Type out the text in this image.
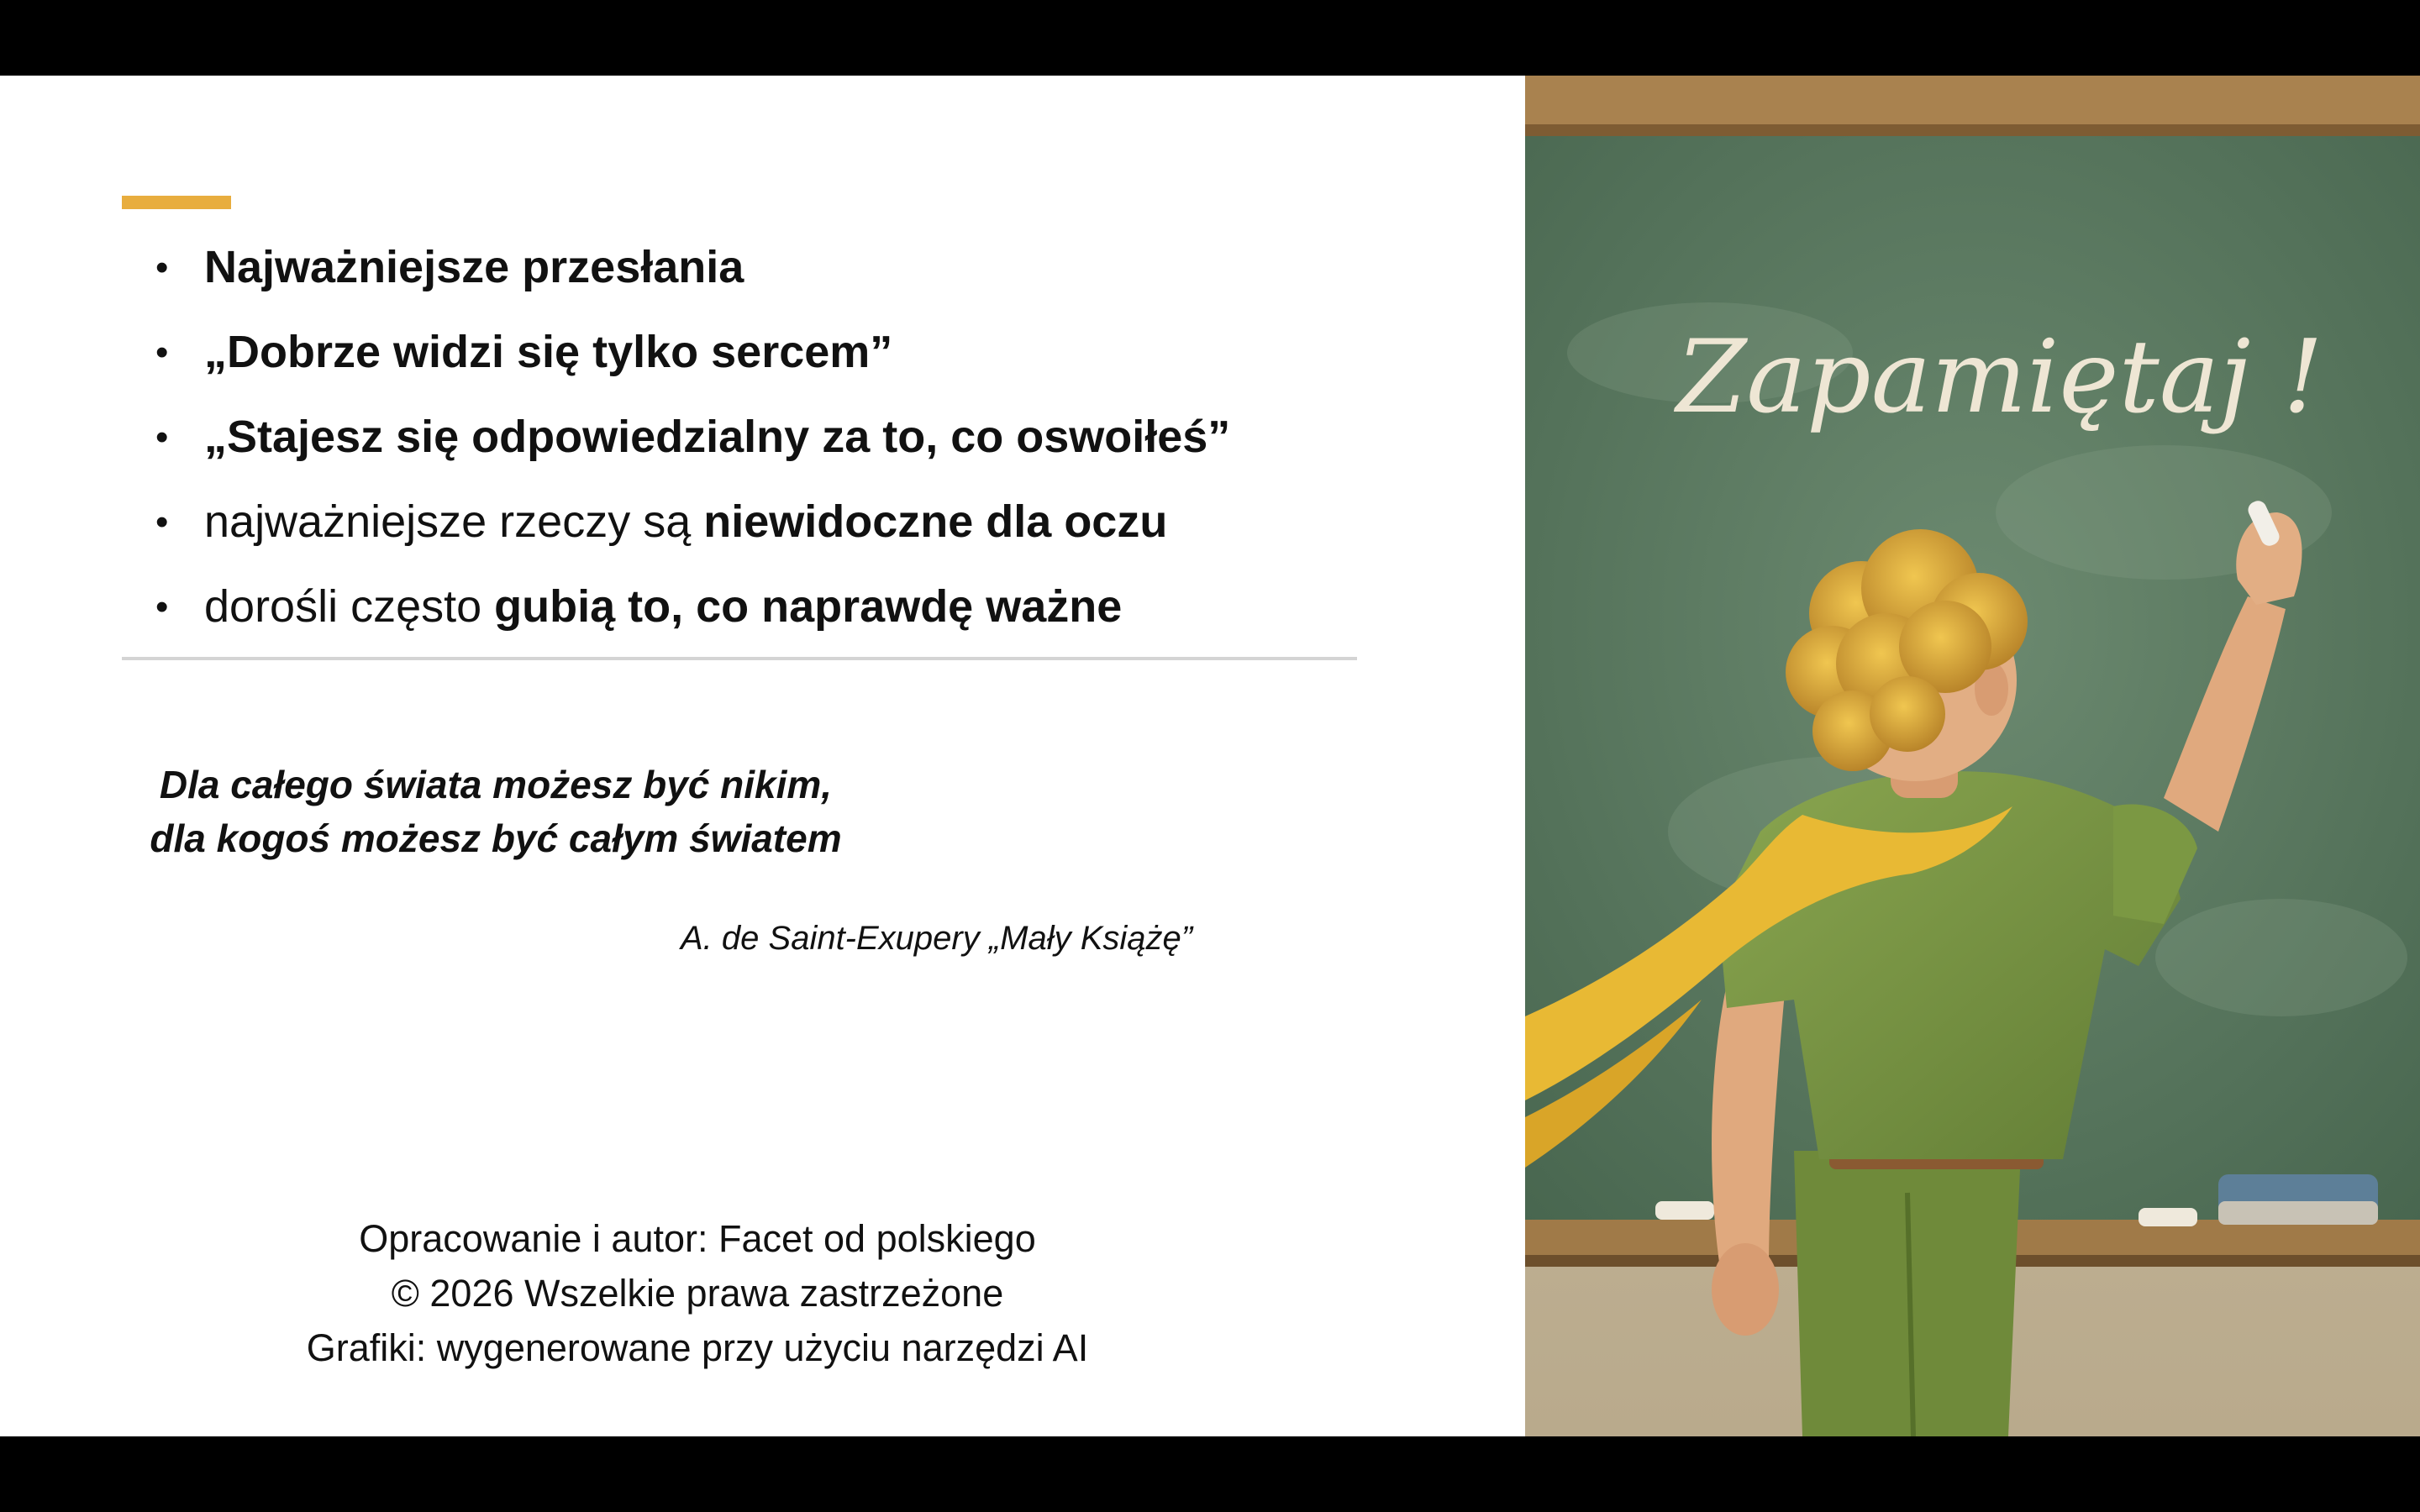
• Najważniejsze przesłania
• „Dobrze widzi się tylko sercem”
• „Stajesz się odpowiedzialny za to, co oswoiłeś”
• najważniejsze rzeczy są niewidoczne dla oczu
• dorośli często gubią to, co naprawdę ważne
Dla całego świata możesz być nikim,
dla kogoś możesz być całym światem
A. de Saint-Exupery „Mały Książę”
Opracowanie i autor: Facet od polskiego
© 2026 Wszelkie prawa zastrzeżone
Grafiki: wygenerowane przy użyciu narzędzi AI
Zapamiętaj !
